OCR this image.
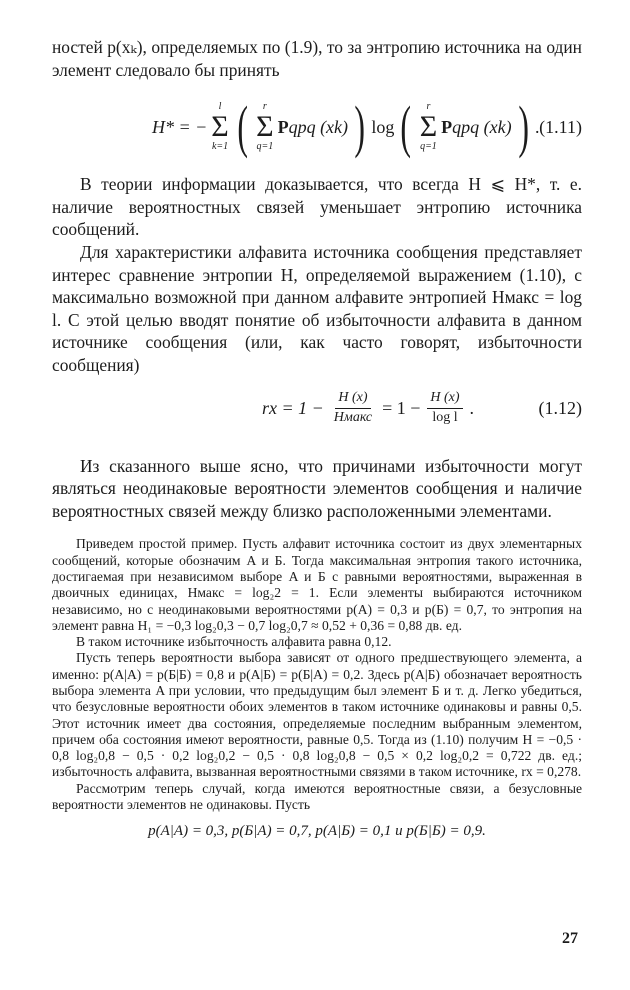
ностей p(xₖ), определяемых по (1.9), то за энтропию источника на один элемент следовало бы принять

H* = −
l
Σ
k=1 ( r
Σ
q=1
Pqpq (xk) ) log ( r
Σ
q=1
Pqpq (xk) ) . (1.11)

В теории информации доказывается, что всегда H ⩽ H*, т. е. наличие вероятностных связей уменьшает энтропию источника сообщений.

Для характеристики алфавита источника сообщения представляет интерес сравнение энтропии H, определяемой выражением (1.10), с максимально возможной при данном алфавите энтропией Hмакс = log l. С этой целью вводят понятие об избыточности алфавита в данном источнике сообщения (или, как часто говорят, избыточности сообщения)

rx = $1 - \frac{H (x)}{\text{Hмакс}} = 1 - \frac{H (x)}{\text{log l}}$ .	(1.12)

Из сказанного выше ясно, что причинами избыточности могут являться неодинаковые вероятности элементов сообщения и наличие вероятностных связей между близко расположенными элементами.

Приведем простой пример. Пусть алфавит источника состоит из двух элементарных сообщений, которые обозначим A и Б. Тогда максимальная энтропия такого источника, достигаемая при независимом выборе A и Б с равными вероятностями, выраженная в двоичных единицах, Hмакс = log₂2 = 1. Если элементы выбираются источником независимо, но с неодинаковыми вероятностями p(A) = 0,3 и p(Б) = 0,7, то энтропия на элемент равна H₁ = −0,3 log₂0,3 − 0,7 log₂0,7 ≈ 0,52 + 0,36 = 0,88 дв. ед.

В таком источнике избыточность алфавита равна 0,12.

Пусть теперь вероятности выбора зависят от одного предшествующего элемента, а именно: p(A|A) = p(Б|Б) = 0,8 и p(A|Б) = p(Б|A) = 0,2. Здесь p(A|Б) обозначает вероятность выбора элемента A при условии, что предыдущим был элемент Б и т. д. Легко убедиться, что безусловные вероятности обоих элементов в таком источнике одинаковы и равны 0,5. Этот источник имеет два состояния, определяемые последним выбранным элементом, причем оба состояния имеют вероятности, равные 0,5. Тогда из (1.10) получим H = −0,5 · 0,8 log₂0,8 − 0,5 · 0,2 log₂0,2 − 0,5 · 0,8 log₂0,8 − 0,5 × 0,2 log₂0,2 = 0,722 дв. ед.; избыточность алфавита, вызванная вероятностными связями в таком источнике, rx = 0,278.

Рассмотрим теперь случай, когда имеются вероятностные связи, а безусловные вероятности элементов не одинаковы. Пусть

p(A|A) = 0,3, p(Б|A) = 0,7, p(A|Б) = 0,1 и p(Б|Б) = 0,9.
27
